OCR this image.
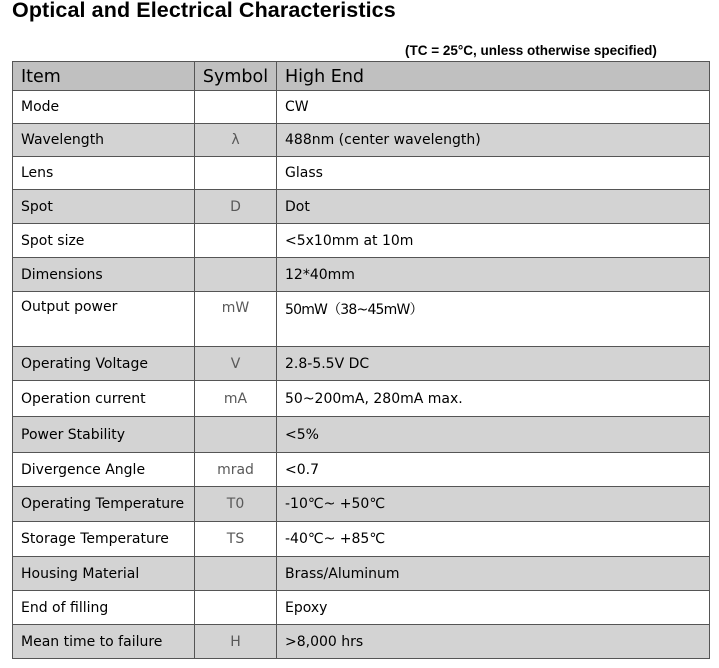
Optical and Electrical Characteristics

(TC = 25°C, unless otherwise specified)

Item	Symbol	High End
Mode		CW
Wavelength	λ	488nm (center wavelength)
Lens		Glass
Spot	D	Dot
Spot size		<5x10mm at 10m
Dimensions		12*40mm
Output power	mW	50mW（38~45mW）
Operating Voltage	V	2.8-5.5V DC
Operation current	mA	50~200mA, 280mA max.
Power Stability		<5%
Divergence Angle	mrad	<0.7
Operating Temperature	T0	-10℃~ +50℃
Storage Temperature	TS	-40℃~ +85℃
Housing Material		Brass/Aluminum
End of filling		Epoxy
Mean time to failure	H	>8,000 hrs
